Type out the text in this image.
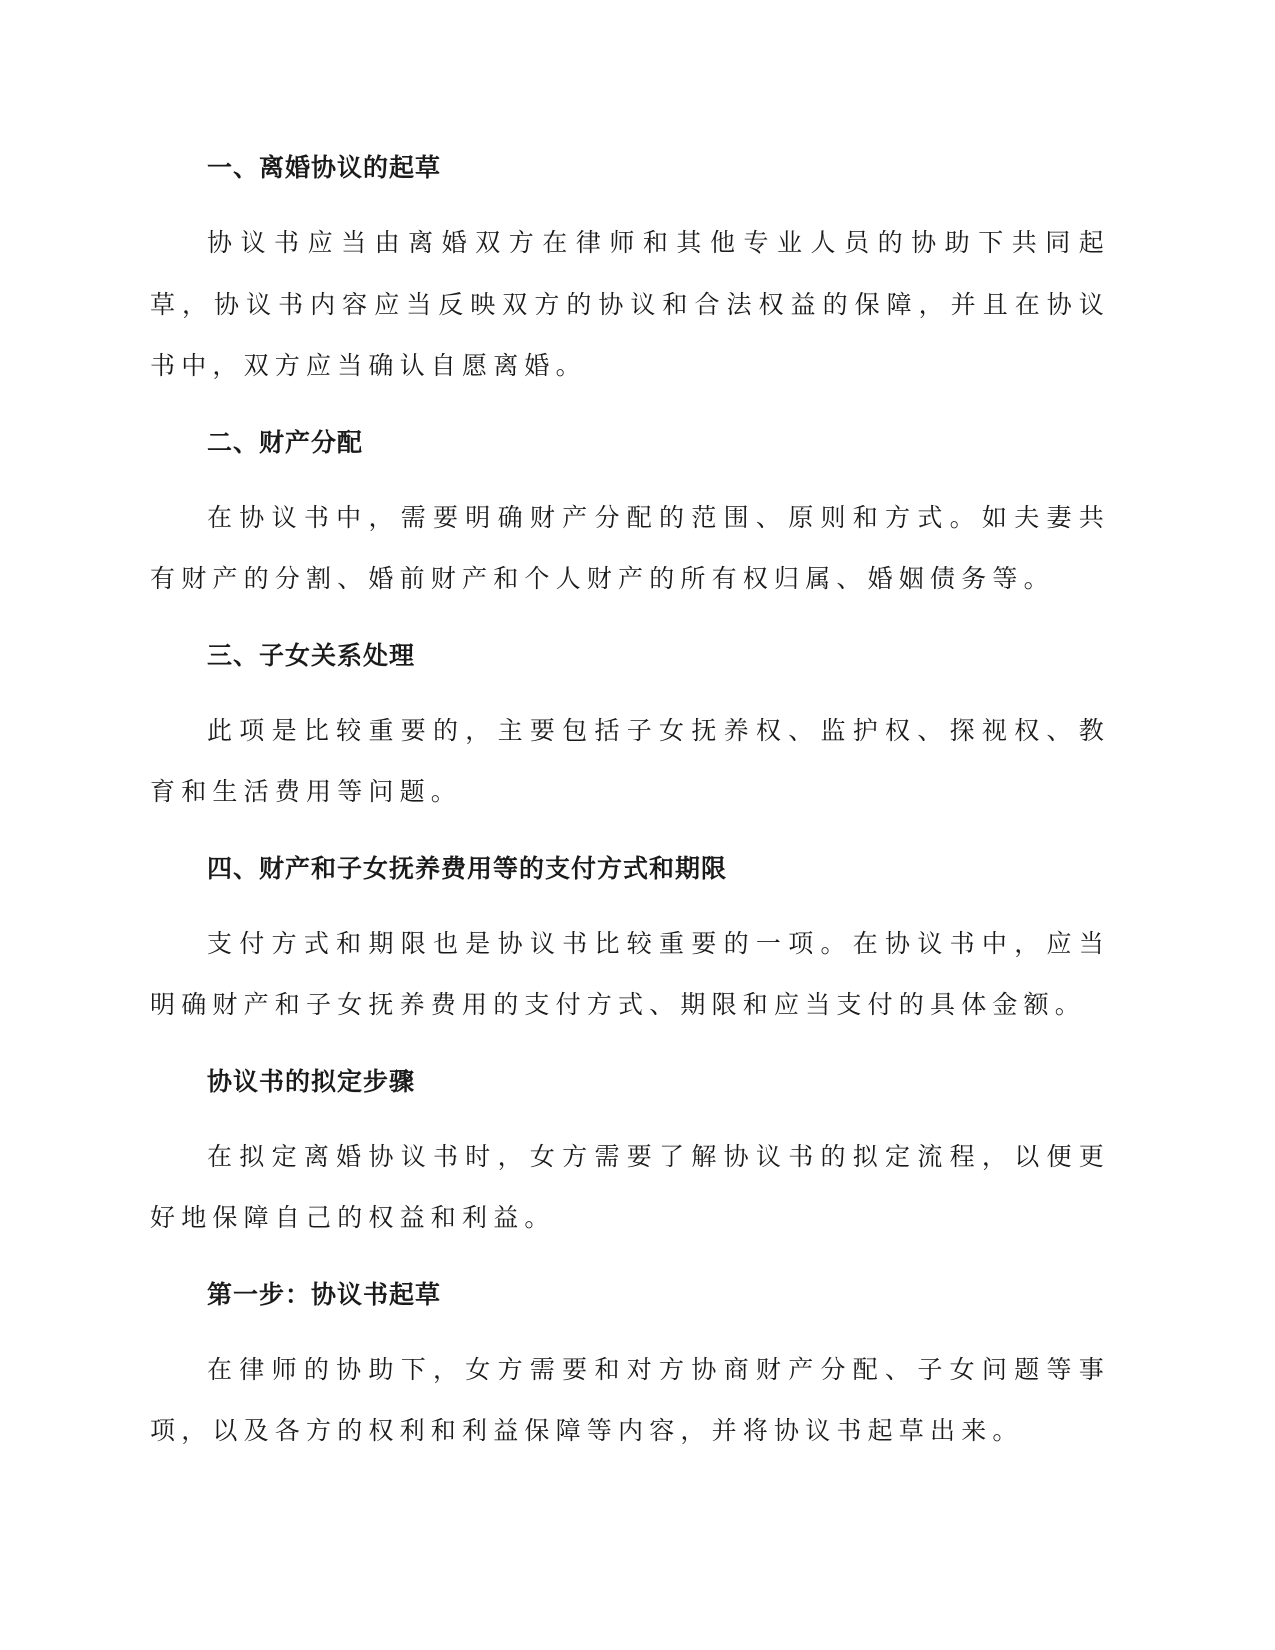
一、离婚协议的起草

协议书应当由离婚双方在律师和其他专业人员的协助下共同起草，协议书内容应当反映双方的协议和合法权益的保障，并且在协议书中，双方应当确认自愿离婚。

二、财产分配

在协议书中，需要明确财产分配的范围、原则和方式。如夫妻共有财产的分割、婚前财产和个人财产的所有权归属、婚姻债务等。

三、子女关系处理

此项是比较重要的，主要包括子女抚养权、监护权、探视权、教育和生活费用等问题。

四、财产和子女抚养费用等的支付方式和期限

支付方式和期限也是协议书比较重要的一项。在协议书中，应当明确财产和子女抚养费用的支付方式、期限和应当支付的具体金额。

协议书的拟定步骤

在拟定离婚协议书时，女方需要了解协议书的拟定流程，以便更好地保障自己的权益和利益。

第一步：协议书起草

在律师的协助下，女方需要和对方协商财产分配、子女问题等事项，以及各方的权利和利益保障等内容，并将协议书起草出来。
